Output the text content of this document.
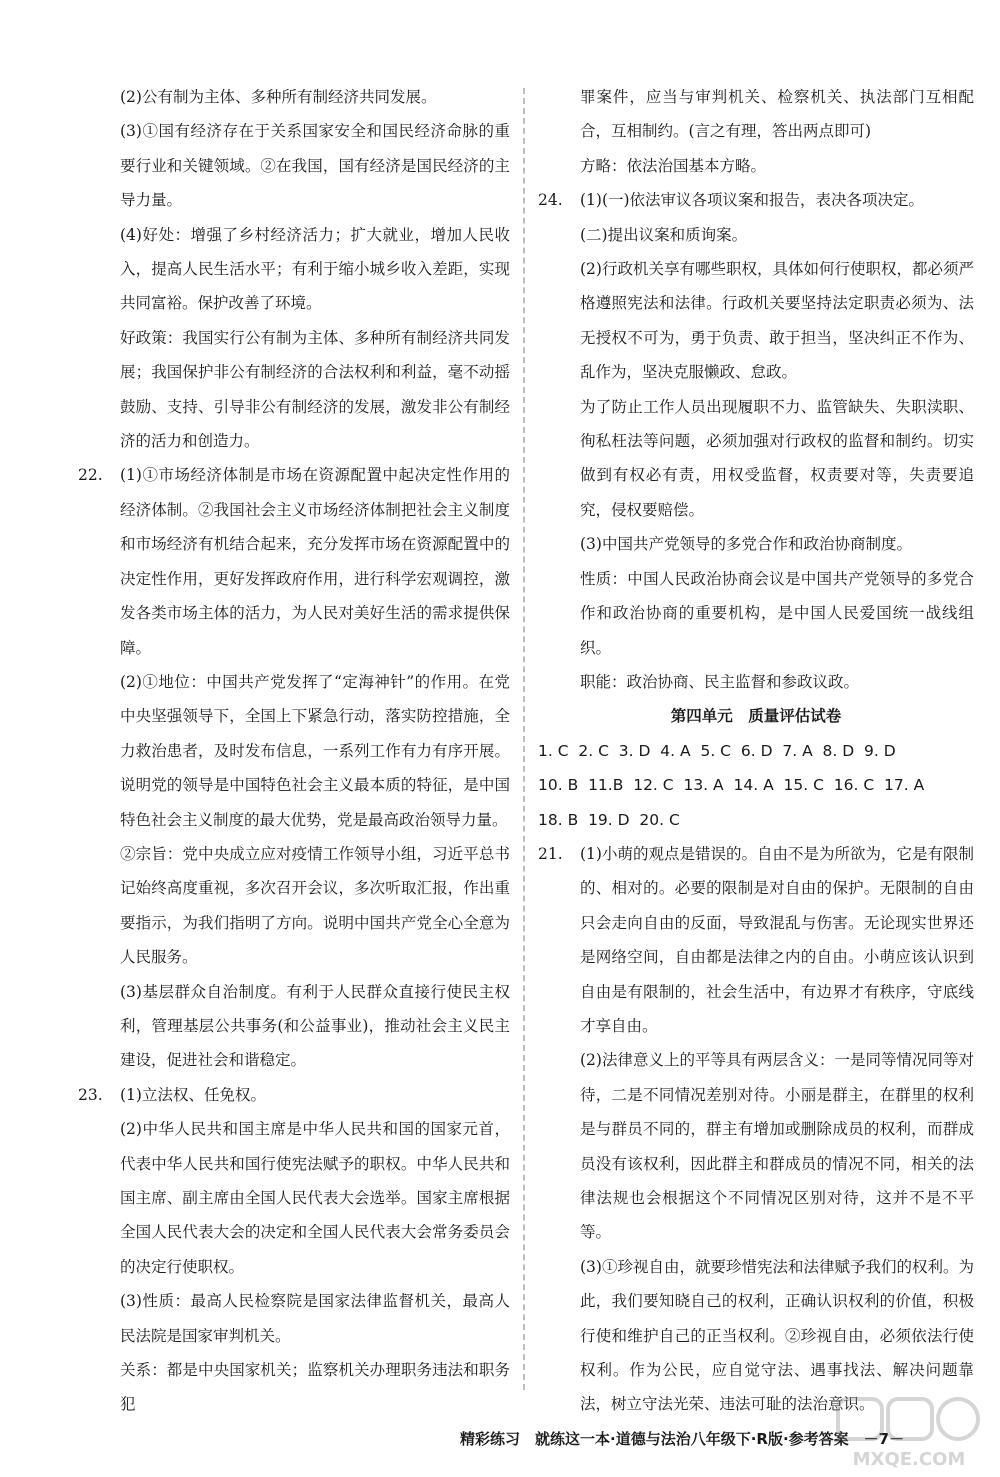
(2)公有制为主体、多种所有制经济共同发展。

(3)①国有经济存在于关系国家安全和国民经济命脉的重要行业和关键领域。②在我国，国有经济是国民经济的主导力量。

(4)好处：增强了乡村经济活力；扩大就业，增加人民收入，提高人民生活水平；有利于缩小城乡收入差距，实现共同富裕。保护改善了环境。

好政策：我国实行公有制为主体、多种所有制经济共同发展；我国保护非公有制经济的合法权利和利益，毫不动摇鼓励、支持、引导非公有制经济的发展，激发非公有制经济的活力和创造力。

22.	(1)①市场经济体制是市场在资源配置中起决定性作用的经济体制。②我国社会主义市场经济体制把社会主义制度和市场经济有机结合起来，充分发挥市场在资源配置中的决定性作用，更好发挥政府作用，进行科学宏观调控，激发各类市场主体的活力，为人民对美好生活的需求提供保障。

(2)①地位：中国共产党发挥了“定海神针”的作用。在党中央坚强领导下，全国上下紧急行动，落实防控措施，全力救治患者，及时发布信息，一系列工作有力有序开展。说明党的领导是中国特色社会主义最本质的特征，是中国特色社会主义制度的最大优势，党是最高政治领导力量。

②宗旨：党中央成立应对疫情工作领导小组，习近平总书记始终高度重视，多次召开会议，多次听取汇报，作出重要指示，为我们指明了方向。说明中国共产党全心全意为人民服务。

(3)基层群众自治制度。有利于人民群众直接行使民主权利，管理基层公共事务(和公益事业)，推动社会主义民主建设，促进社会和谐稳定。

23.	(1)立法权、任免权。

(2)中华人民共和国主席是中华人民共和国的国家元首，代表中华人民共和国行使宪法赋予的职权。中华人民共和国主席、副主席由全国人民代表大会选举。国家主席根据全国人民代表大会的决定和全国人民代表大会常务委员会的决定行使职权。

(3)性质：最高人民检察院是国家法律监督机关，最高人民法院是国家审判机关。

关系：都是中央国家机关；监察机关办理职务违法和职务犯

罪案件，应当与审判机关、检察机关、执法部门互相配合，互相制约。(言之有理，答出两点即可)

方略：依法治国基本方略。

24.	(1)(一)依法审议各项议案和报告，表决各项决定。

(二)提出议案和质询案。

(2)行政机关享有哪些职权，具体如何行使职权，都必须严格遵照宪法和法律。行政机关要坚持法定职责必须为、法无授权不可为，勇于负责、敢于担当，坚决纠正不作为、乱作为，坚决克服懒政、怠政。

为了防止工作人员出现履职不力、监管缺失、失职渎职、徇私枉法等问题，必须加强对行政权的监督和制约。切实做到有权必有责，用权受监督，权责要对等，失责要追究，侵权要赔偿。

(3)中国共产党领导的多党合作和政治协商制度。

性质：中国人民政治协商会议是中国共产党领导的多党合作和政治协商的重要机构，是中国人民爱国统一战线组织。

职能：政治协商、民主监督和参政议政。

第四单元　质量评估试卷

1. C  2. C  3. D  4. A  5. C  6. D  7. A  8. D  9. D

10. B  11.B  12. C  13. A  14. A  15. C  16. C  17. A

18. B  19. D  20. C

21.	(1)小萌的观点是错误的。自由不是为所欲为，它是有限制的、相对的。必要的限制是对自由的保护。无限制的自由只会走向自由的反面，导致混乱与伤害。无论现实世界还是网络空间，自由都是法律之内的自由。小萌应该认识到自由是有限制的，社会生活中，有边界才有秩序，守底线才享自由。

(2)法律意义上的平等具有两层含义：一是同等情况同等对待，二是不同情况差别对待。小丽是群主，在群里的权利是与群员不同的，群主有增加或删除成员的权利，而群成员没有该权利，因此群主和群成员的情况不同，相关的法律法规也会根据这个不同情况区别对待，这并不是不平等。

(3)①珍视自由，就要珍惜宪法和法律赋予我们的权利。为此，我们要知晓自己的权利，正确认识权利的价值，积极行使和维护自己的正当权利。②珍视自由，必须依法行使权利。作为公民，应自觉守法、遇事找法、解决问题靠法，树立守法光荣、违法可耻的法治意识。

精彩练习　就练这一本·道德与法治八年级下·R版·参考答案　－7－
MXQE.COM
